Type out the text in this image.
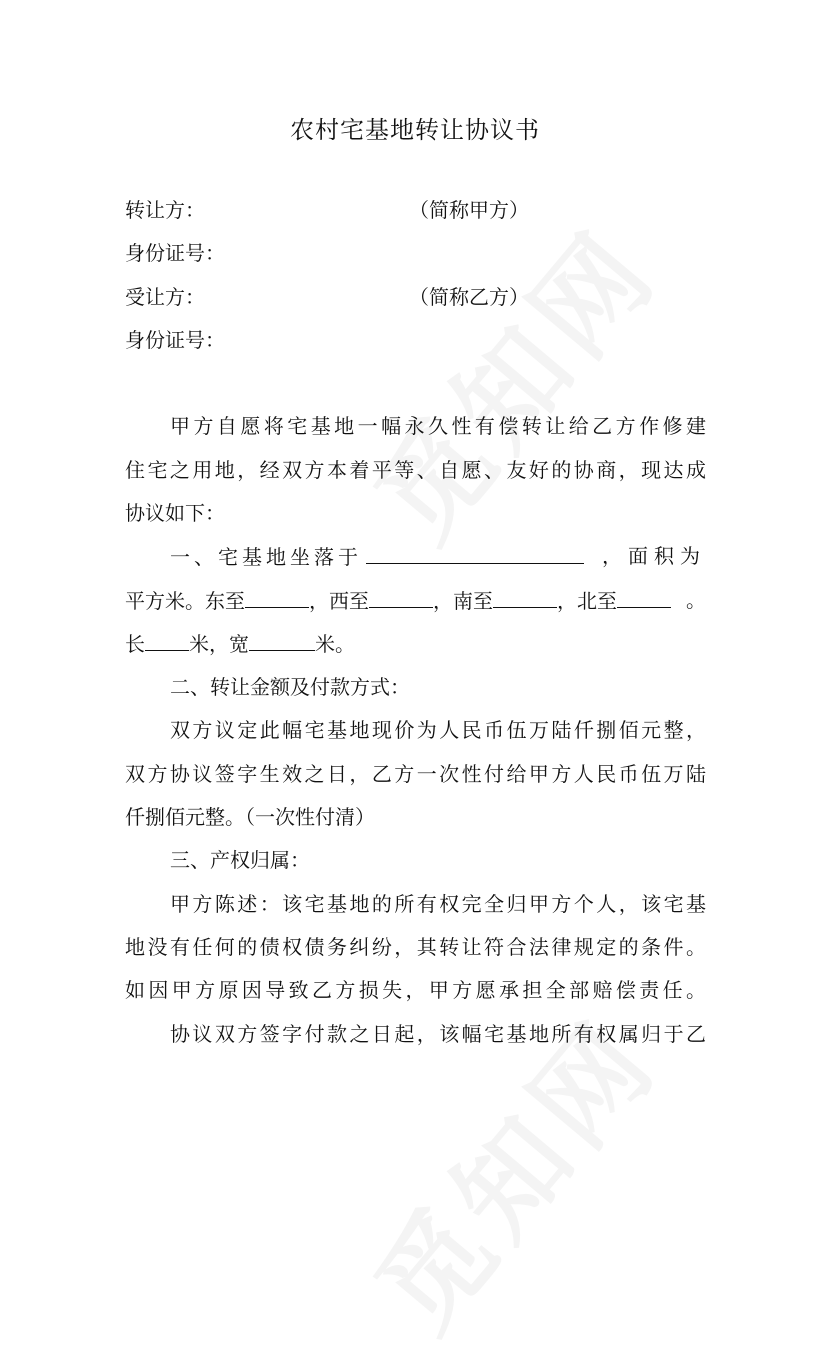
农村宅基地转让协议书
转让方：	（简称甲方）
身份证号：
受让方：	（简称乙方）
身份证号：
甲方自愿将宅基地一幅永久性有偿转让给乙方作修建
住宅之用地，经双方本着平等、自愿、友好的协商，现达成
协议如下：
一、宅基地坐落于	，面积为
平方米。东至	，西至	，南至	，北至	。
长 米，宽	米。
二、转让金额及付款方式：
双方议定此幅宅基地现价为人民币伍万陆仟捌佰元整，
双方协议签字生效之日，乙方一次性付给甲方人民币伍万陆
仟捌佰元整。（一次性付清）
三、产权归属：
甲方陈述：该宅基地的所有权完全归甲方个人，该宅基
地没有任何的债权债务纠纷，其转让符合法律规定的条件。
如因甲方原因导致乙方损失，甲方愿承担全部赔偿责任。
协议双方签字付款之日起，该幅宅基地所有权属归于乙
